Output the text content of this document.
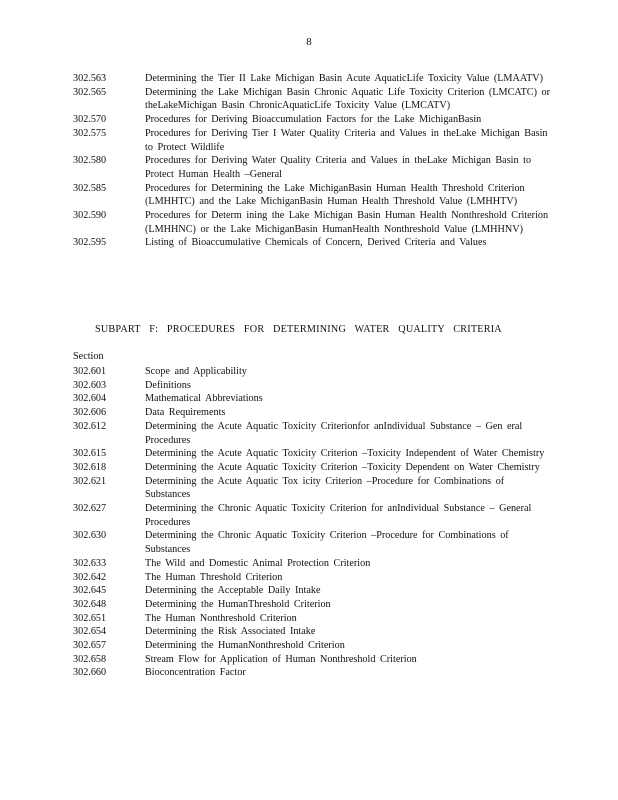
8
302.563	Determining the Tier II Lake Michigan Basin Acute AquaticLife Toxicity Value (LMAATV)
302.565	Determining the Lake Michigan Basin Chronic Aquatic Life Toxicity Criterion (LMCATC) or theLakeMichigan Basin ChronicAquaticLife Toxicity Value (LMCATV)
302.570	Procedures for Deriving Bioaccumulation Factors for the Lake MichiganBasin
302.575	Procedures for Deriving Tier I Water Quality Criteria and Values in theLake Michigan Basin to Protect Wildlife
302.580	Procedures for Deriving Water Quality Criteria and Values in theLake Michigan Basin to Protect Human Health –General
302.585	Procedures for Determining the Lake MichiganBasin Human Health Threshold Criterion (LMHHTC) and the Lake MichiganBasin Human Health Threshold Value (LMHHTV)
302.590	Procedures for Determ ining the Lake Michigan Basin Human Health Nonthreshold Criterion (LMHHNC) or the Lake MichiganBasin HumanHealth Nonthreshold Value (LMHHNV)
302.595	Listing of Bioaccumulative Chemicals of Concern, Derived Criteria and Values
SUBPART F: PROCEDURES FOR DETERMINING WATER QUALITY CRITERIA
Section
302.601	Scope and Applicability
302.603	Definitions
302.604	Mathematical Abbreviations
302.606	Data Requirements
302.612	Determining the Acute Aquatic Toxicity Criterionfor anIndividual Substance – Gen eral Procedures
302.615	Determining the Acute Aquatic Toxicity Criterion –Toxicity Independent of Water Chemistry
302.618	Determining the Acute Aquatic Toxicity Criterion –Toxicity Dependent on Water Chemistry
302.621	Determining the Acute Aquatic Tox icity Criterion –Procedure for Combinations of Substances
302.627	Determining the Chronic Aquatic Toxicity Criterion for anIndividual Substance – General Procedures
302.630	Determining the Chronic Aquatic Toxicity Criterion –Procedure for Combinations of Substances
302.633	The Wild and Domestic Animal Protection Criterion
302.642	The Human Threshold Criterion
302.645	Determining the Acceptable Daily Intake
302.648	Determining the HumanThreshold Criterion
302.651	The Human Nonthreshold Criterion
302.654	Determining the Risk Associated Intake
302.657	Determining the HumanNonthreshold Criterion
302.658	Stream Flow for Application of Human Nonthreshold Criterion
302.660	Bioconcentration Factor
